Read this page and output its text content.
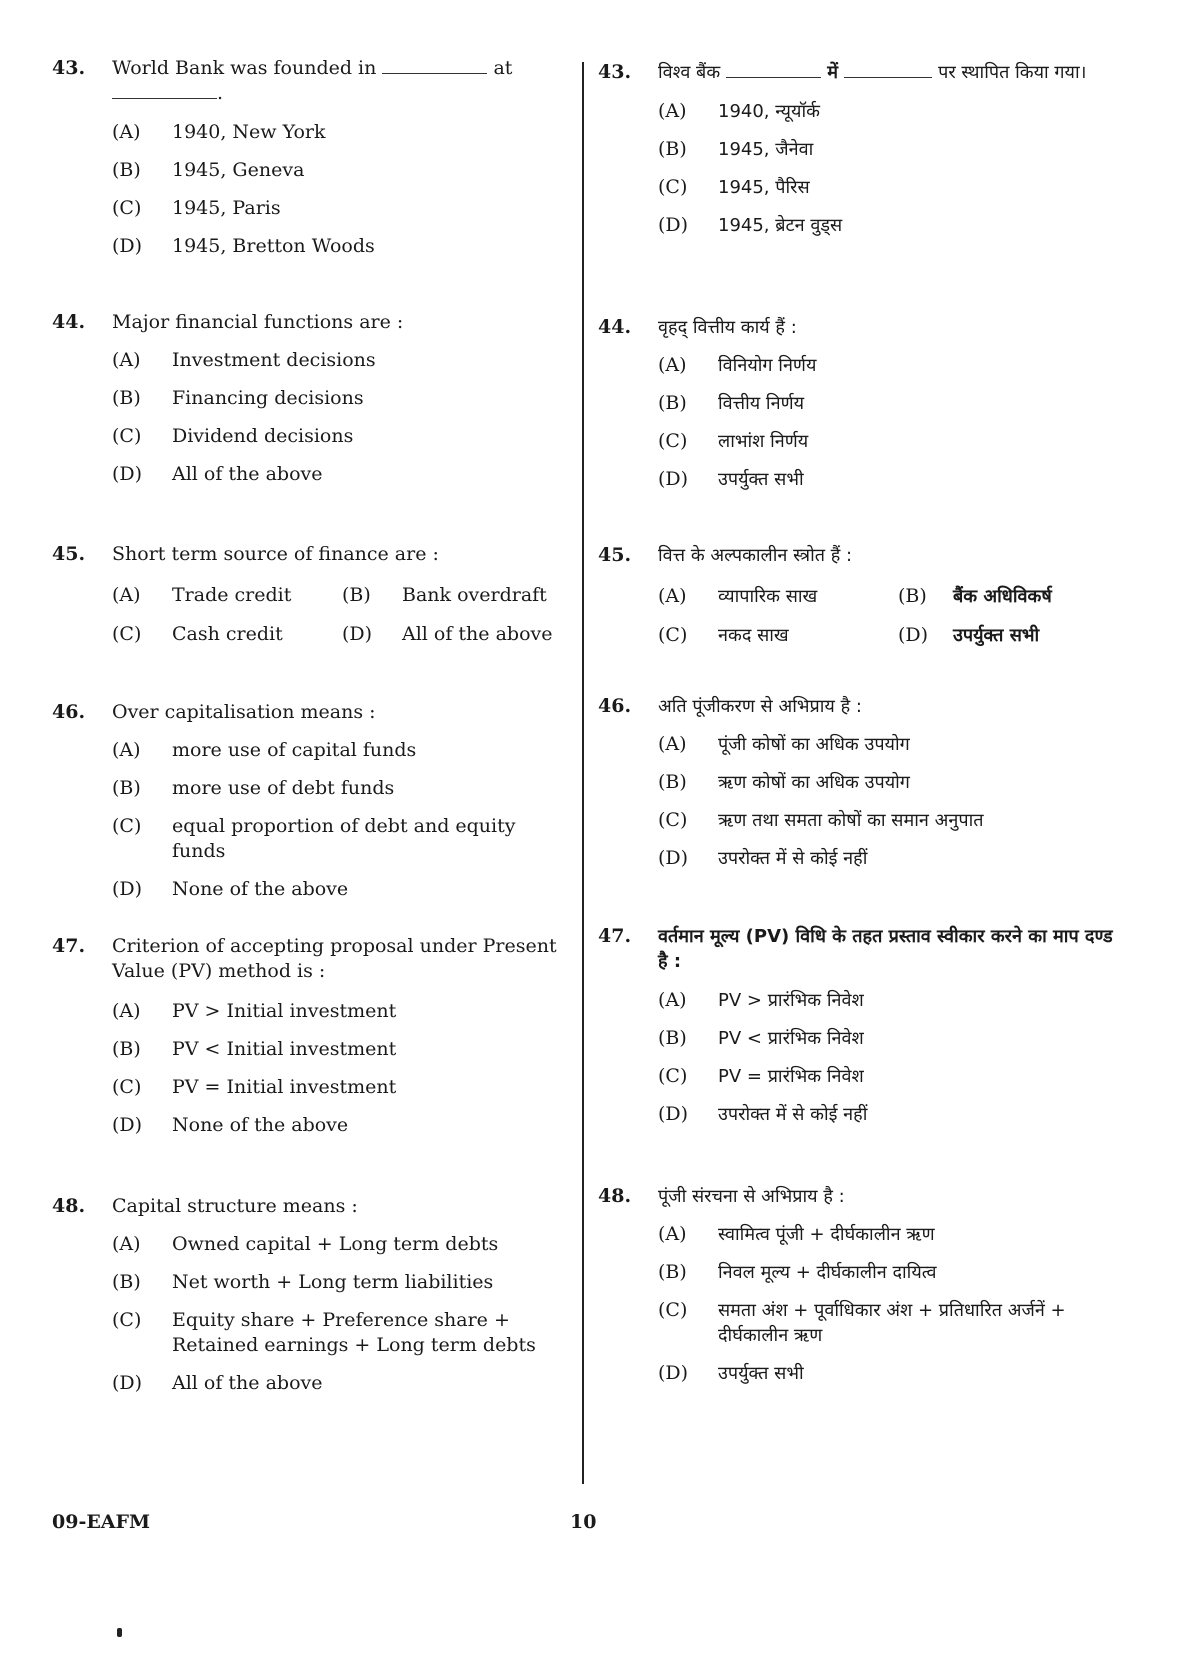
43. World Bank was founded in	at
.
(A) 1940, New York
(B) 1945, Geneva
(C) 1945, Paris
(D) 1945, Bretton Woods
44. Major financial functions are :
(A) Investment decisions
(B) Financing decisions
(C) Dividend decisions
(D) All of the above
45. Short term source of finance are :
(A) Trade credit	(B) Bank overdraft
(C) Cash credit	(D) All of the above
46. Over capitalisation means :
(A) more use of capital funds
(B) more use of debt funds
(C) equal proportion of debt and equity funds
(D) None of the above
47. Criterion of accepting proposal under Present Value (PV) method is :
(A) PV > Initial investment
(B) PV < Initial investment
(C) PV = Initial investment
(D) None of the above
48. Capital structure means :
(A) Owned capital + Long term debts
(B) Net worth + Long term liabilities
(C) Equity share + Preference share + Retained earnings + Long term debts
(D) All of the above
43. विश्व बैंक	में	पर स्थापित किया गया।
(A) 1940, न्यूयॉर्क
(B) 1945, जैनेवा
(C) 1945, पैरिस
(D) 1945, ब्रेटन वुड्स
44. वृहद् वित्तीय कार्य हैं :
(A) विनियोग निर्णय
(B) वित्तीय निर्णय
(C) लाभांश निर्णय
(D) उपर्युक्त सभी
45. वित्त के अल्पकालीन स्त्रोत हैं :
(A) व्यापारिक साख	(B) बैंक अधिविकर्ष
(C) नकद साख	(D) उपर्युक्त सभी
46. अति पूंजीकरण से अभिप्राय है :
(A) पूंजी कोषों का अधिक उपयोग
(B) ऋण कोषों का अधिक उपयोग
(C) ऋण तथा समता कोषों का समान अनुपात
(D) उपरोक्त में से कोई नहीं
47. वर्तमान मूल्य (PV) विधि के तहत प्रस्ताव स्वीकार करने का माप दण्ड है :
(A) PV > प्रारंभिक निवेश
(B) PV < प्रारंभिक निवेश
(C) PV = प्रारंभिक निवेश
(D) उपरोक्त में से कोई नहीं
48. पूंजी संरचना से अभिप्राय है :
(A) स्वामित्व पूंजी + दीर्घकालीन ऋण
(B) निवल मूल्य + दीर्घकालीन दायित्व
(C) समता अंश + पूर्वाधिकार अंश + प्रतिधारित अर्जनें + दीर्घकालीन ऋण
(D) उपर्युक्त सभी
09-EAFM	10
